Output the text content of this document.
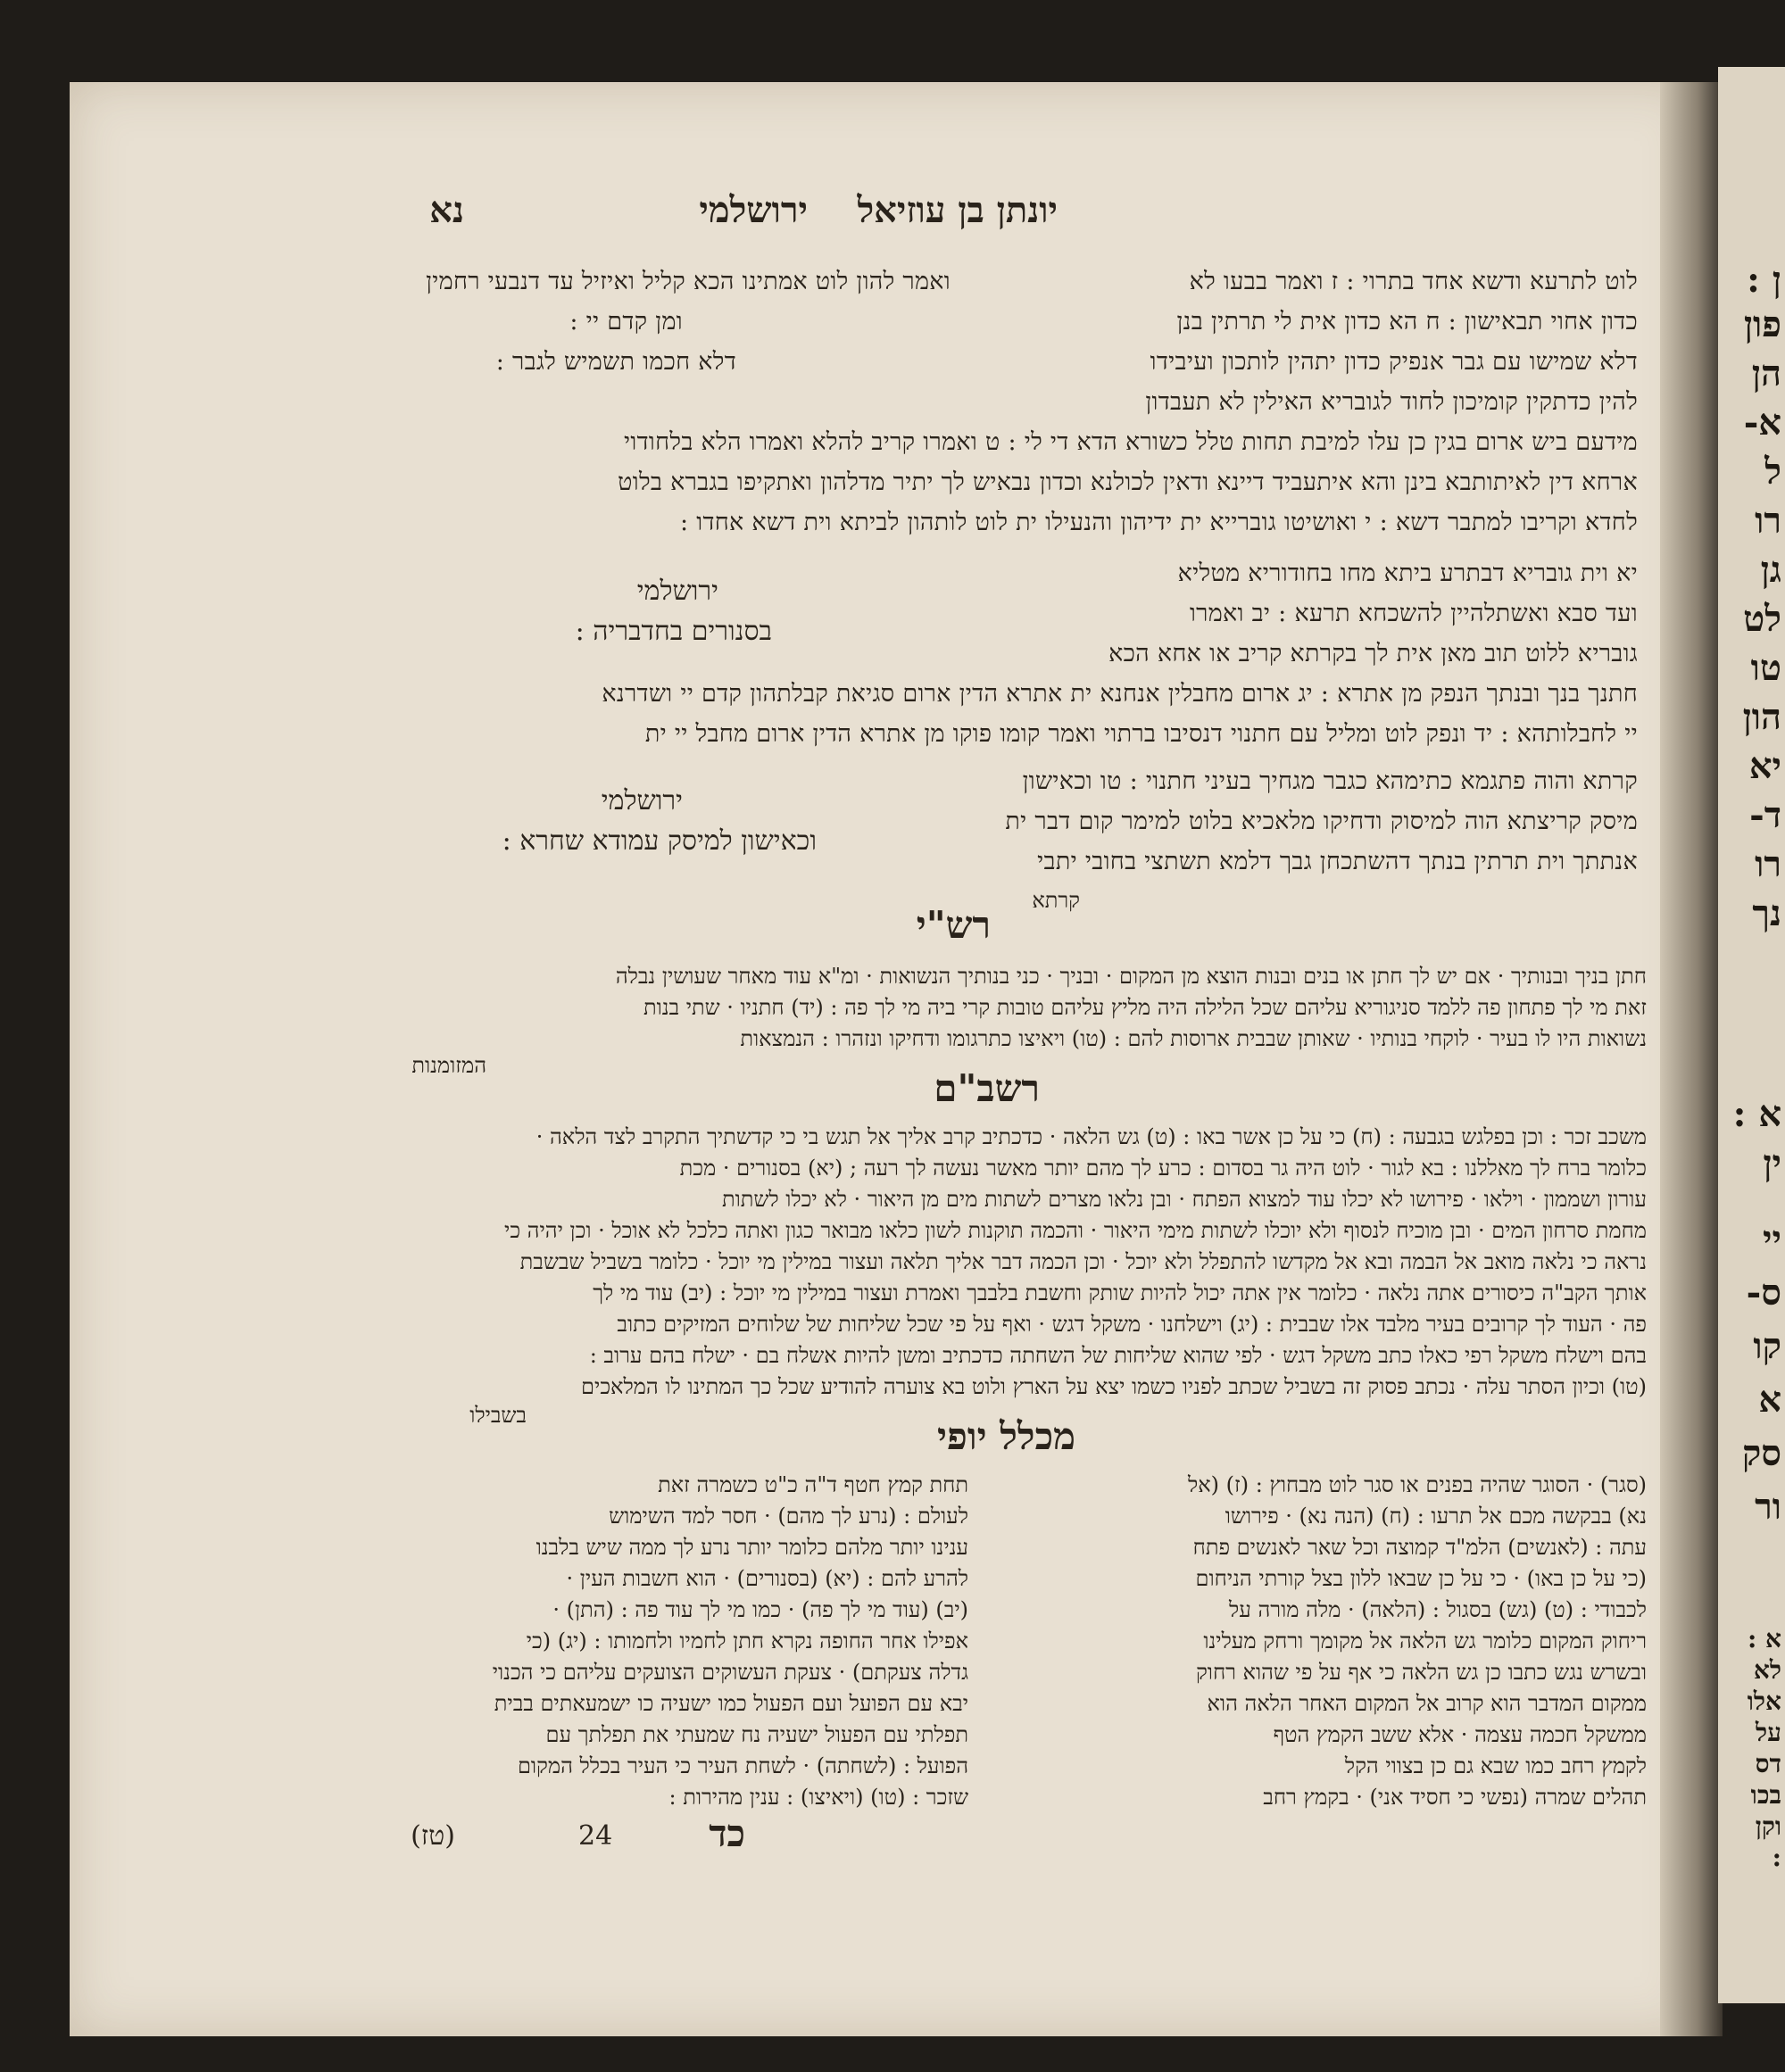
ן :
פון
הן
א-
ל
רו
גן
לט
טו
הון
יא
ד-
רו
נך
א :
ין
יי
ס-
קו
א
סק
ור
א :
לא
אלו
על
דס
בכו
וקן
:
יונתן בן עוזיאל
ירושלמי
נא
לוט לתרעא ודשא אחד בתרוי : ז ואמר בבעו לא
כדון אחוי תבאישון : ח הא כדון אית לי תרתין בנן
דלא שמישו עם גבר אנפיק כדון יתהין לותכון ועיבידו
להין כדתקין קומיכון לחוד לגובריא האילין לא תעבדון
מידעם ביש ארום בגין כן עלו למיבת תחות טלל כשורא הדא די לי : ט ואמרו קריב להלא ואמרו הלא בלחודוי
ארחא דין לאיתותבא בינן והא איתעביד דיינא ודאין לכולנא וכדון נבאיש לך יתיר מדלהון ואתקיפו בגברא בלוט
לחדא וקריבו למתבר דשא : י ואושיטו גוברייא ית ידיהון והנעילו ית לוט לותהון לביתא וית דשא אחדו :
יא וית גובריא דבתרע ביתא מחו בחודוריא מטליא
ועד סבא ואשתלהיין להשכחא תרעא : יב ואמרו
גובריא ללוט תוב מאן אית לך בקרתא קריב או אחא הכא
חתנך בנך ובנתך הנפק מן אתרא : יג ארום מחבלין אנחנא ית אתרא הדין ארום סגיאת קבלתהון קדם יי ושדרנא
יי לחבלותהא : יד ונפק לוט ומליל עם חתנוי דנסיבו ברתוי ואמר קומו פוקו מן אתרא הדין ארום מחבל יי ית
קרתא והוה פתגמא כתימהא כגבר מגחיך בעיני חתנוי : טו וכאישון
מיסק קריצתא הוה למיסוק ודחיקו מלאכיא בלוט למימר קום דבר ית
אנתתך וית תרתין בנתך דהשתכחן גבך דלמא תשתצי בחובי יתבי
קרתא
ואמר להון לוט אמתינו הכא קליל ואיזיל עד דנבעי רחמין
ומן קדם יי :
דלא חכמו תשמיש לגבר :
ירושלמי
בסנורים בחדבריה :
ירושלמי
וכאישון למיסק עמודא שחרא :
רש"י
חתן בניך ובנותיך · אם יש לך חתן או בנים ובנות הוצא מן המקום · ובניך · כני בנותיך הנשואות · ומ"א עוד מאחר שעושין נבלה
זאת מי לך פתחון פה ללמד סניגוריא עליהם שכל הלילה היה מליץ עליהם טובות קרי ביה מי לך פה : (יד) חתניו · שתי בנות
נשואות היו לו בעיר · לוקחי בנותיו · שאותן שבבית ארוסות להם : (טו) ויאיצו כתרגומו ודחיקו ונזהרו : הנמצאות
המזומנות
רשב"ם
משכב זכר : וכן בפלגש בגבעה : (ח) כי על כן אשר באו : (ט) גש הלאה · כדכתיב קרב אליך אל תגש בי כי קדשתיך התקרב לצד הלאה ·
כלומר ברח לך מאללנו : בא לגור · לוט היה גר בסדום : כרע לך מהם יותר מאשר נעשה לך רעה ; (יא) בסנורים · מכת
עורון ושממון · וילאו · פירושו לא יכלו עוד למצוא הפתח · ובן נלאו מצרים לשתות מים מן היאור · לא יכלו לשתות
מחמת סרחון המים · ובן מוכיח לנסוף ולא יוכלו לשתות מימי היאור · והכמה תוקנות לשון כלאו מבואר כגון ואתה כלכל לא אוכל · וכן יהיה כי
נראה כי נלאה מואב אל הבמה ובא אל מקדשו להתפלל ולא יוכל · וכן הכמה דבר אליך תלאה ועצור במילין מי יוכל · כלומר בשביל שבשבת
אותך הקב"ה כיסורים אתה נלאה · כלומר אין אתה יכול להיות שותק וחשבת בלבבך ואמרת ועצור במילין מי יוכל : (יב) עוד מי לך
פה · העוד לך קרובים בעיר מלבד אלו שבבית : (יג) וישלחנו · משקל דגש · ואף על פי שכל שליחות של שלוחים המזיקים כתוב
בהם וישלח משקל רפי כאלו כתב משקל דגש · לפי שהוא שליחות של השחתה כדכתיב ומשן להיות אשלח בם · ישלח בהם ערוב :
(טו) וכיון הסתר עלה · נכתב פסוק זה בשביל שכתב לפניו כשמו יצא על הארץ ולוט בא צוערה להודיע שכל כך המתינו לו המלאכים
בשבילו	מכלל יופי
(סגר) · הסוגר שהיה בפנים או סגר לוט מבחוץ : (ז) (אל
נא) בבקשה מכם אל תרעו : (ח) (הנה נא) · פירושו
עתה : (לאנשים) הלמ"ד קמוצה וכל שאר לאנשים פתח
(כי על כן באו) · כי על כן שבאו ללון בצל קורתי הניחום
לכבודי : (ט) (גש) בסגול : (הלאה) · מלה מורה על
ריחוק המקום כלומר גש הלאה אל מקומך ורחק מעלינו
ובשרש נגש כתבו כן גש הלאה כי אף על פי שהוא רחוק
ממקום המדבר הוא קרוב אל המקום האחר הלאה הוא
ממשקל חכמה עצמה · אלא ששב הקמץ הטף
לקמץ רחב כמו שבא גם כן בצווי הקל
תהלים שמרה (נפשי כי חסיד אני) · בקמץ רחב
תחת קמץ חטף ד"ה כ"ט כשמרה זאת
לעולם : (נרע לך מהם) · חסר למד השימוש
ענינו יותר מלהם כלומר יותר נרע לך ממה שיש בלבנו
להרע להם : (יא) (בסנורים) · הוא חשבות העין ·
(יב) (עוד מי לך פה) · כמו מי לך עוד פה : (התן) ·
אפילו אחר החופה נקרא חתן לחמיו ולחמותו : (יג) (כי
גדלה צעקתם) · צעקת העשוקים הצועקים עליהם כי הכנוי
יבא עם הפועל ועם הפעול כמו ישעיה כו ישמעאתים בבית
תפלתי עם הפעול ישעיה נח שמעתי את תפלתך עם
הפועל : (לשחתה) · לשחת העיר כי העיר בכלל המקום
שזכר : (טו) (ויאיצו) : ענין מהירות :
(טז)	24	כד
